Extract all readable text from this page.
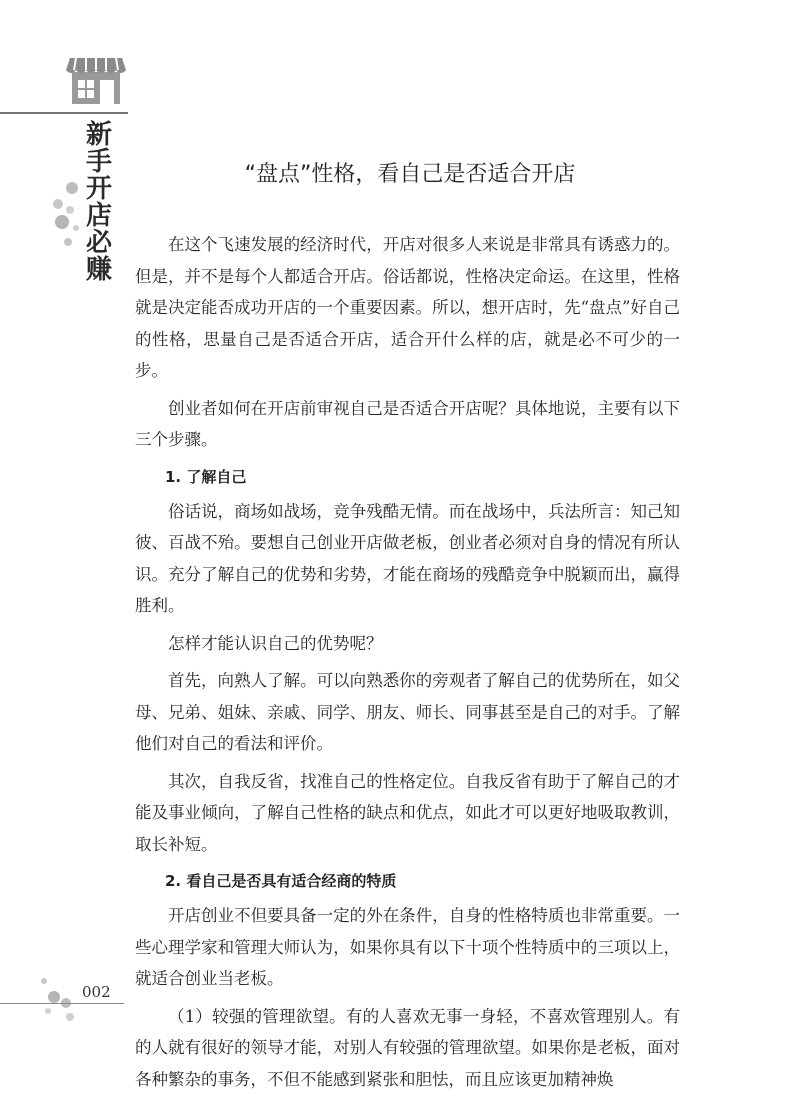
新手开店必赚
002
“盘点”性格，看自己是否适合开店
在这个飞速发展的经济时代，开店对很多人来说是非常具有诱惑力的。但是，并不是每个人都适合开店。俗话都说，性格决定命运。在这里，性格就是决定能否成功开店的一个重要因素。所以，想开店时，先“盘点”好自己的性格，思量自己是否适合开店，适合开什么样的店，就是必不可少的一步。
创业者如何在开店前审视自己是否适合开店呢？具体地说，主要有以下三个步骤。
1. 了解自己
俗话说，商场如战场，竞争残酷无情。而在战场中，兵法所言：知己知彼、百战不殆。要想自己创业开店做老板，创业者必须对自身的情况有所认识。充分了解自己的优势和劣势，才能在商场的残酷竞争中脱颖而出，赢得胜利。
怎样才能认识自己的优势呢？
首先，向熟人了解。可以向熟悉你的旁观者了解自己的优势所在，如父母、兄弟、姐妹、亲戚、同学、朋友、师长、同事甚至是自己的对手。了解他们对自己的看法和评价。
其次，自我反省，找准自己的性格定位。自我反省有助于了解自己的才能及事业倾向，了解自己性格的缺点和优点，如此才可以更好地吸取教训，取长补短。
2. 看自己是否具有适合经商的特质
开店创业不但要具备一定的外在条件，自身的性格特质也非常重要。一些心理学家和管理大师认为，如果你具有以下十项个性特质中的三项以上，就适合创业当老板。
（1）较强的管理欲望。有的人喜欢无事一身轻，不喜欢管理别人。有的人就有很好的领导才能，对别人有较强的管理欲望。如果你是老板，面对各种繁杂的事务，不但不能感到紧张和胆怯，而且应该更加精神焕
